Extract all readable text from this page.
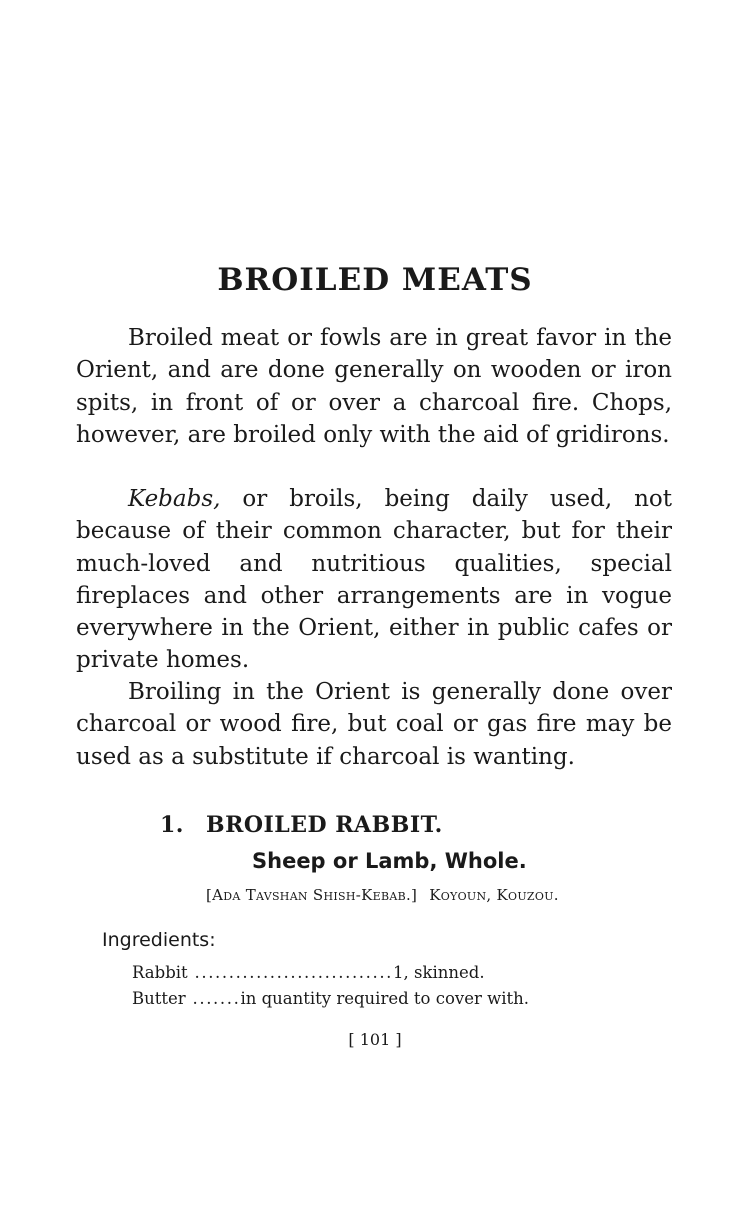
BROILED MEATS

Broiled meat or fowls are in great favor in the Orient, and are done generally on wooden or iron spits, in front of or over a charcoal fire. Chops, however, are broiled only with the aid of gridirons.

Kebabs, or broils, being daily used, not because of their common character, but for their much-loved and nutritious qualities, special fireplaces and other arrangements are in vogue everywhere in the Orient, either in public cafes or private homes.

Broiling in the Orient is generally done over charcoal or wood fire, but coal or gas fire may be used as a substitute if charcoal is wanting.

1. BROILED RABBIT.
Sheep or Lamb, Whole.
[Ada Tavshan Shish-Kebab.] Koyoun, Kouzou.
Ingredients:
Rabbit .............................1, skinned.
Butter .......in quantity required to cover with.
[ 101 ]
